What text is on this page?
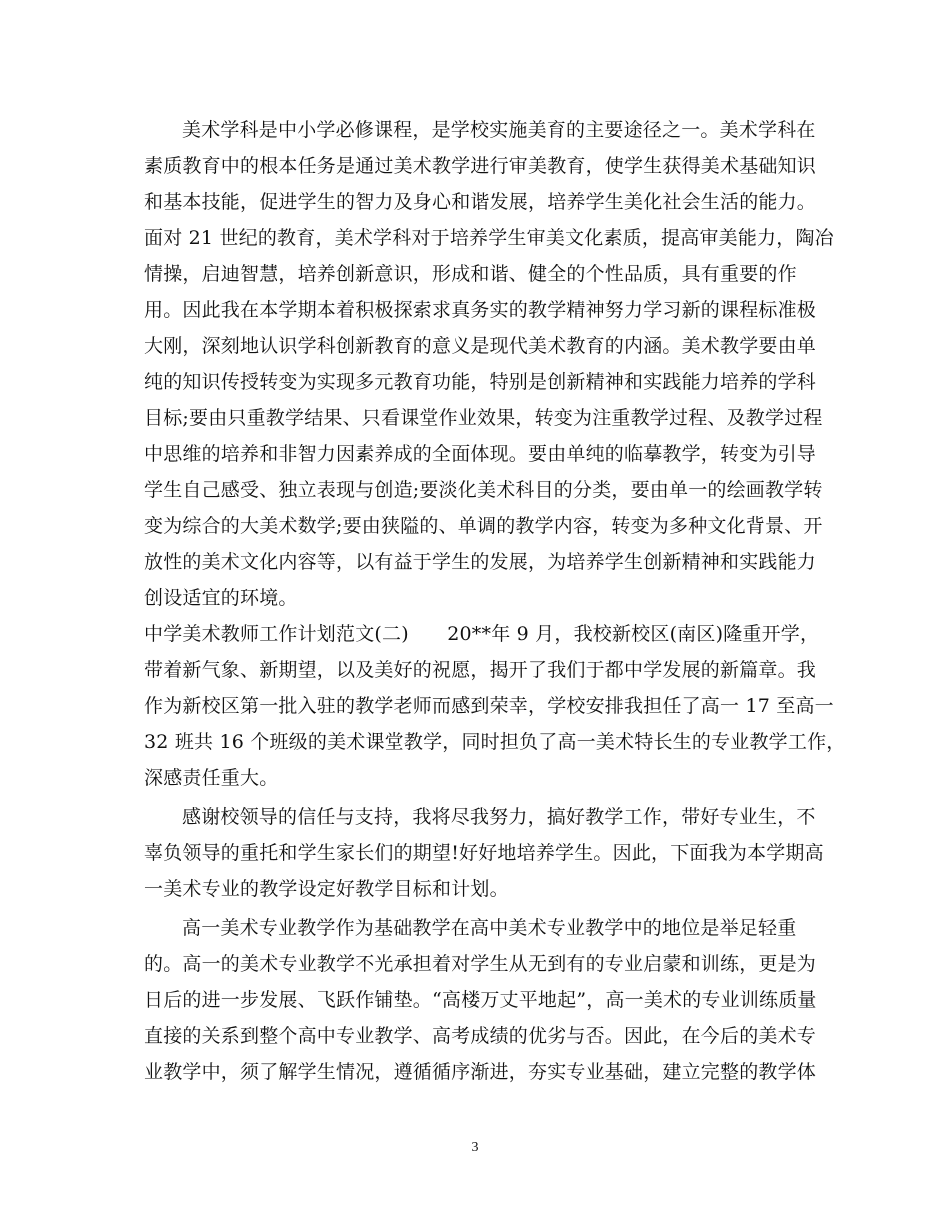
美术学科是中小学必修课程，是学校实施美育的主要途径之一。美术学科在
素质教育中的根本任务是通过美术教学进行审美教育，使学生获得美术基础知识
和基本技能，促进学生的智力及身心和谐发展，培养学生美化社会生活的能力。
面对 21 世纪的教育，美术学科对于培养学生审美文化素质，提高审美能力，陶冶
情操，启迪智慧，培养创新意识，形成和谐、健全的个性品质，具有重要的作
用。因此我在本学期本着积极探索求真务实的教学精神努力学习新的课程标准极
大刚，深刻地认识学科创新教育的意义是现代美术教育的内涵。美术教学要由单
纯的知识传授转变为实现多元教育功能，特别是创新精神和实践能力培养的学科
目标;要由只重教学结果、只看课堂作业效果，转变为注重教学过程、及教学过程
中思维的培养和非智力因素养成的全面体现。要由单纯的临摹教学，转变为引导
学生自己感受、独立表现与创造;要淡化美术科目的分类，要由单一的绘画教学转
变为综合的大美术数学;要由狭隘的、单调的教学内容，转变为多种文化背景、开
放性的美术文化内容等，以有益于学生的发展，为培养学生创新精神和实践能力
创设适宜的环境。
中学美术教师工作计划范文(二)　　20**年 9 月，我校新校区(南区)隆重开学，
带着新气象、新期望，以及美好的祝愿，揭开了我们于都中学发展的新篇章。我
作为新校区第一批入驻的教学老师而感到荣幸，学校安排我担任了高一 17 至高一
32 班共 16 个班级的美术课堂教学，同时担负了高一美术特长生的专业教学工作，
深感责任重大。
感谢校领导的信任与支持，我将尽我努力，搞好教学工作，带好专业生，不
辜负领导的重托和学生家长们的期望!好好地培养学生。因此，下面我为本学期高
一美术专业的教学设定好教学目标和计划。
高一美术专业教学作为基础教学在高中美术专业教学中的地位是举足轻重
的。高一的美术专业教学不光承担着对学生从无到有的专业启蒙和训练，更是为
日后的进一步发展、飞跃作铺垫。“高楼万丈平地起”，高一美术的专业训练质量
直接的关系到整个高中专业教学、高考成绩的优劣与否。因此，在今后的美术专
业教学中，须了解学生情况，遵循循序渐进，夯实专业基础，建立完整的教学体
3
